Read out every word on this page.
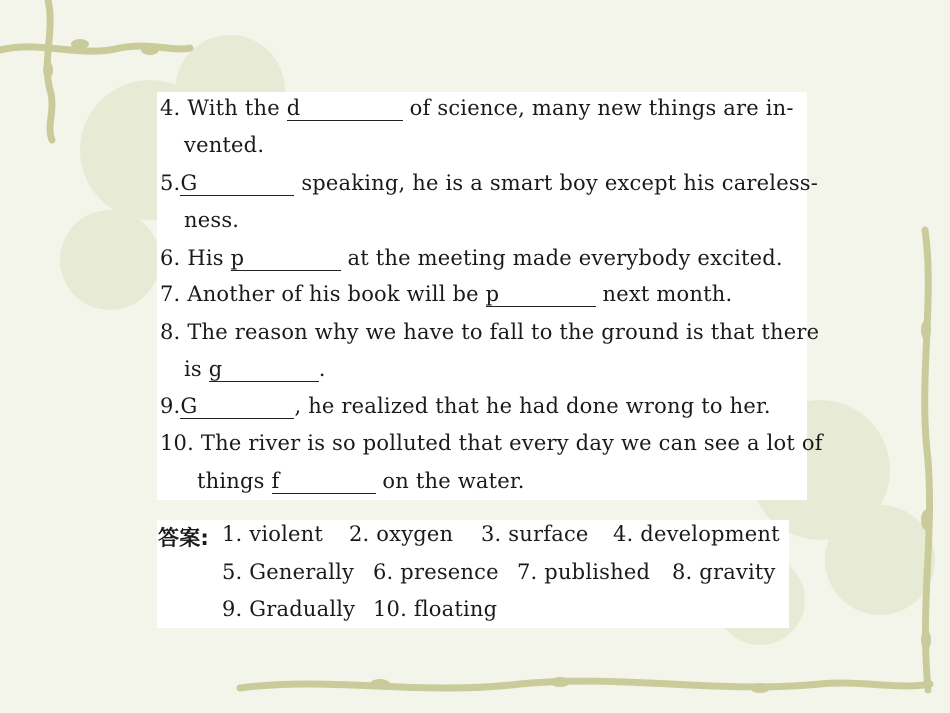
4. With the d	of science, many new things are in-
vented.
5.G	speaking, he is a smart boy except his careless-
ness.
6. His p	at the meeting made everybody excited.
7. Another of his book will be p	next month.
8. The reason why we have to fall to the ground is that there
is g	.
9.G	, he realized that he had done wrong to her.
10. The river is so polluted that every day we can see a lot of
things f	on the water.
答案: 1. violent 2. oxygen 3. surface 4. development
5. Generally 6. presence 7. published 8. gravity
9. Gradually 10. floating
